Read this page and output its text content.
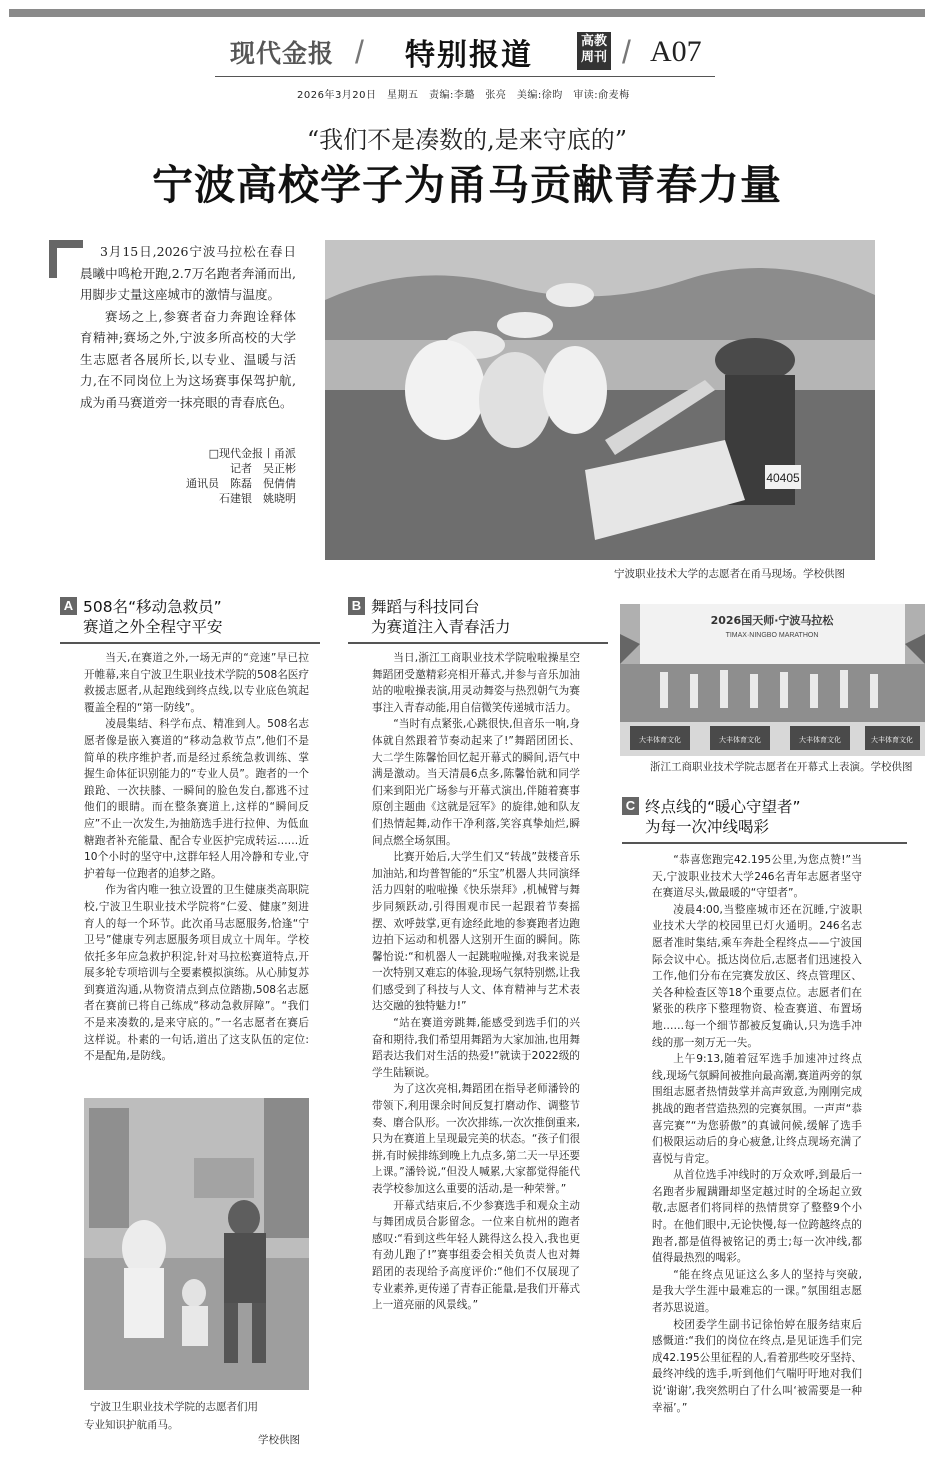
现代金报 / 特别报道	高教
周刊 / A07
2026年3月20日　星期五　责编:李璐　张亮　美编:徐昀　审读:俞麦梅
“我们不是凑数的,是来守底的”
宁波高校学子为甬马贡献青春力量

3月15日,2026宁波马拉松在春日晨曦中鸣枪开跑,2.7万名跑者奔涌而出,用脚步丈量这座城市的激情与温度。

赛场之上,参赛者奋力奔跑诠释体育精神;赛场之外,宁波多所高校的大学生志愿者各展所长,以专业、温暖与活力,在不同岗位上为这场赛事保驾护航,成为甬马赛道旁一抹亮眼的青春底色。

□现代金报丨甬派
记者　吴正彬
通讯员　陈磊　倪倩倩
石建银　姚晓明
40405
宁波职业技术大学的志愿者在甬马现场。学校供图
A 508名“移动急救员”
赛道之外全程守平安

当天,在赛道之外,一场无声的“竞速”早已拉开帷幕,来自宁波卫生职业技术学院的508名医疗救援志愿者,从起跑线到终点线,以专业底色筑起覆盖全程的“第一防线”。

凌晨集结、科学布点、精准到人。508名志愿者像是嵌入赛道的“移动急救节点”,他们不是简单的秩序维护者,而是经过系统急救训练、掌握生命体征识别能力的“专业人员”。跑者的一个踉跄、一次扶膝、一瞬间的脸色发白,都逃不过他们的眼睛。而在整条赛道上,这样的“瞬间反应”不止一次发生,为抽筋选手进行拉伸、为低血糖跑者补充能量、配合专业医护完成转运……近10个小时的坚守中,这群年轻人用冷静和专业,守护着每一位跑者的追梦之路。

作为省内唯一独立设置的卫生健康类高职院校,宁波卫生职业技术学院将“仁爱、健康”刻进育人的每一个环节。此次甬马志愿服务,恰逢“宁卫号”健康专列志愿服务项目成立十周年。学校依托多年应急救护积淀,针对马拉松赛道特点,开展多轮专项培训与全要素模拟演练。从心肺复苏到赛道沟通,从物资清点到点位踏勘,508名志愿者在赛前已将自己练成“移动急救屏障”。“我们不是来凑数的,是来守底的。”一名志愿者在赛后这样说。朴素的一句话,道出了这支队伍的定位:不是配角,是防线。

宁波卫生职业技术学院的志愿者们用
专业知识护航甬马。
学校供图
B 舞蹈与科技同台
为赛道注入青春活力

当日,浙江工商职业技术学院啦啦操星空舞蹈团受邀精彩亮相开幕式,并参与音乐加油站的啦啦操表演,用灵动舞姿与热烈朝气为赛事注入青春动能,用自信微笑传递城市活力。

“当时有点紧张,心跳很快,但音乐一响,身体就自然跟着节奏动起来了!”舞蹈团团长、大二学生陈馨怡回忆起开幕式的瞬间,语气中满是激动。当天清晨6点多,陈馨怡就和同学们来到阳光广场参与开幕式演出,伴随着赛事原创主题曲《这就是冠军》的旋律,她和队友们热情起舞,动作干净利落,笑容真挚灿烂,瞬间点燃全场氛围。

比赛开始后,大学生们又“转战”鼓楼音乐加油站,和均普智能的“乐宝”机器人共同演绎活力四射的啦啦操《快乐崇拜》,机械臂与舞步同频跃动,引得围观市民一起跟着节奏摇摆、欢呼鼓掌,更有途经此地的参赛跑者边跑边拍下运动和机器人这别开生面的瞬间。陈馨怡说:“和机器人一起跳啦啦操,对我来说是一次特别又难忘的体验,现场气氛特别燃,让我们感受到了科技与人文、体育精神与艺术表达交融的独特魅力!”

“站在赛道旁跳舞,能感受到选手们的兴奋和期待,我们希望用舞蹈为大家加油,也用舞蹈表达我们对生活的热爱!”就读于2022级的学生陆颖说。

为了这次亮相,舞蹈团在指导老师潘铃的带领下,利用课余时间反复打磨动作、调整节奏、磨合队形。一次次排练,一次次推倒重来,只为在赛道上呈现最完美的状态。“孩子们很拼,有时候排练到晚上九点多,第二天一早还要上课。”潘铃说,“但没人喊累,大家都觉得能代表学校参加这么重要的活动,是一种荣誉。”

开幕式结束后,不少参赛选手和观众主动与舞团成员合影留念。一位来自杭州的跑者感叹:“看到这些年轻人跳得这么投入,我也更有劲儿跑了!”赛事组委会相关负责人也对舞蹈团的表现给予高度评价:“他们不仅展现了专业素养,更传递了青春正能量,是我们开幕式上一道亮丽的风景线。”

2026国天师·宁波马拉松
TIMAX·NINGBO MARATHON
大丰体育文化	大丰体育文化	大丰体育文化	大丰体育文化
浙江工商职业技术学院志愿者在开幕式上表演。学校供图
C 终点线的“暖心守望者”
为每一次冲线喝彩

“恭喜您跑完42.195公里,为您点赞!”当天,宁波职业技术大学246名青年志愿者坚守在赛道尽头,做最暖的“守望者”。

凌晨4:00,当整座城市还在沉睡,宁波职业技术大学的校园里已灯火通明。246名志愿者准时集结,乘车奔赴全程终点——宁波国际会议中心。抵达岗位后,志愿者们迅速投入工作,他们分布在完赛发放区、终点管理区、关各种检查区等18个重要点位。志愿者们在紧张的秩序下整理物资、检查赛道、布置场地……每一个细节都被反复确认,只为选手冲线的那一刻万无一失。

上午9:13,随着冠军选手加速冲过终点线,现场气氛瞬间被推向最高潮,赛道两旁的氛围组志愿者热情鼓掌并高声致意,为刚刚完成挑战的跑者营造热烈的完赛氛围。一声声“恭喜完赛”“为您骄傲”的真诚问候,缓解了选手们极限运动后的身心疲惫,让终点现场充满了喜悦与肯定。

从首位选手冲线时的万众欢呼,到最后一名跑者步履蹒跚却坚定越过时的全场起立致敬,志愿者们将同样的热情贯穿了整整9个小时。在他们眼中,无论快慢,每一位跨越终点的跑者,都是值得被铭记的勇士;每一次冲线,都值得最热烈的喝彩。

“能在终点见证这么多人的坚持与突破,是我大学生涯中最难忘的一课。”氛围组志愿者苏思说道。

校团委学生副书记徐怡婷在服务结束后感慨道:“我们的岗位在终点,是见证选手们完成42.195公里征程的人,看着那些咬牙坚持、最终冲线的选手,听到他们气喘吁吁地对我们说‘谢谢’,我突然明白了什么叫‘被需要是一种幸福’。”
